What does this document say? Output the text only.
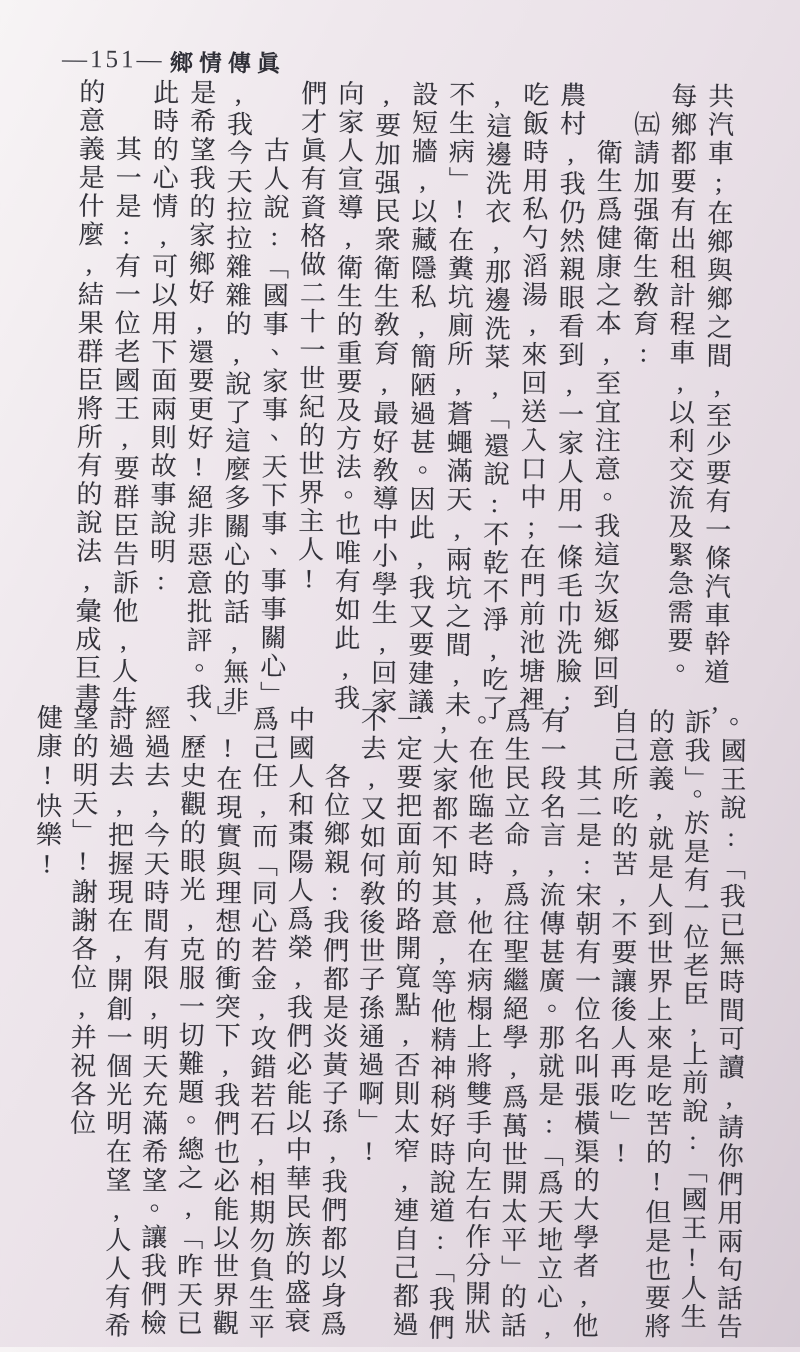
—151— 鄉情傳眞

共汽車;在鄉與鄉之間,至少要有一條汽車幹道,

每鄉都要有出租計程車,以利交流及緊急需要。

　㈤請加强衛生敎育:

　　衛生爲健康之本,至宜注意。我這次返鄉回到

農村,我仍然親眼看到,一家人用一條毛巾洗臉;

吃飯時用私勺滔湯,來回送入口中;在門前池塘裡

,這邊洗衣,那邊洗菜,「還說:不乾不淨,吃了

不生病」!在糞坑廁所,蒼蠅滿天,兩坑之間,未

設短牆,以藏隱私,簡陋過甚。因此,我又要建議

,要加强民衆衛生敎育,最好敎導中小學生,回家

向家人宣導,衛生的重要及方法。也唯有如此,我

們才眞有資格做二十一世紀的世界主人!

　　古人說:「國事、家事、天下事、事事關心」

,我今天拉拉雜雜的,說了這麼多關心的話,無非

是希望我的家鄉好,還要更好!絕非惡意批評。我

此時的心情,可以用下面兩則故事說明:

　　其一是:有一位老國王,要群臣告訴他,人生

的意義是什麼,結果群臣將所有的說法,彙成巨書

。國王說:「我已無時間可讀,請你們用兩句話告

訴我」。於是有一位老臣,上前說:「國王!人生

的意義,就是人到世界上來是吃苦的!但是也要將

自己所吃的苦,不要讓後人再吃」!

　　其二是:宋朝有一位名叫張橫渠的大學者,他

有一段名言,流傳甚廣。那就是:「爲天地立心,

爲生民立命,爲往聖繼絕學,爲萬世開太平」的話

。在他臨老時,他在病榻上將雙手向左右作分開狀

,大家都不知其意,等他精神稍好時說道:「我們

一定要把面前的路開寬點,否則太窄,連自己都過

不去,又如何敎後世子孫通過啊」!

　　各位鄉親:我們都是炎黃子孫,我們都以身爲

中國人和棗陽人爲榮,我們必能以中華民族的盛衰

爲己任,而「同心若金,攻錯若石,相期勿負生平

」!在現實與理想的衝突下,我們也必能以世界觀

、歷史觀的眼光,克服一切難題。總之,「昨天已

經過去,今天時間有限,明天充滿希望。讓我們檢

討過去,把握現在,開創一個光明在望,人人有希

望的明天」!謝謝各位,并祝各位

健康!快樂!
